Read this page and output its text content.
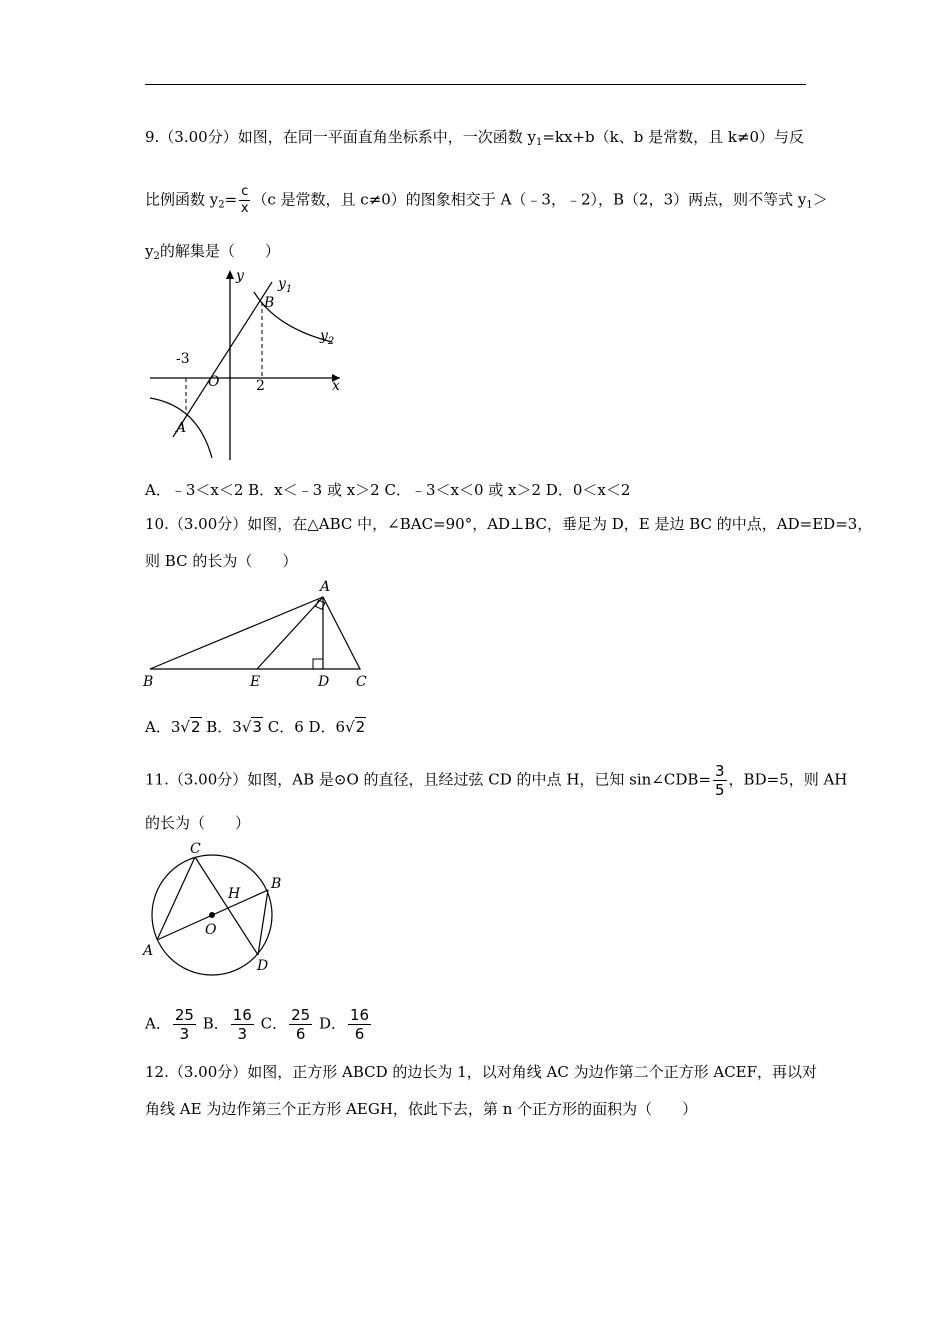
9.（3.00分）如图，在同一平面直角坐标系中，一次函数 $y_1=kx+b(k$、b 是常数，且 k≠0）与反
比例函数 $y_2= \frac{c}{x} (c$ 是常数，且 c≠0）的图象相交于 A（﹣3，﹣2），B（2，3）两点，则不等式 $y_1>$
$y_2$的解集是（　　）
y $y_1$
B
$y_2$
-3
O	2	x
A
A．﹣3＜x＜2 B．x＜﹣3 或 x＞2 C．﹣3＜x＜0 或 x＞2 D．0＜x＜2
10.（3.00分）如图，在△ABC 中，∠BAC=90°，AD⊥BC，垂足为 D，E 是边 BC 的中点，AD=ED=3，
则 BC 的长为（　　）
A
B	E	D C
A．3√2 B．3√3 C．6 D．6√2
11.（3.00分）如图，AB 是⊙O 的直径，且经过弦 CD 的中点 H，已知 sin∠CDB= $\frac{3}{5}$ ，BD=5，则 AH
的长为（　　）
C
B
H
O
A
D
A． $\frac{25}{3}$ B． $\frac{16}{3}$ C． $\frac{25}{6}$ D． $\frac{16}{6}$
12.（3.00分）如图，正方形 ABCD 的边长为 1，以对角线 AC 为边作第二个正方形 ACEF，再以对
角线 AE 为边作第三个正方形 AEGH，依此下去，第 n 个正方形的面积为（　　）
